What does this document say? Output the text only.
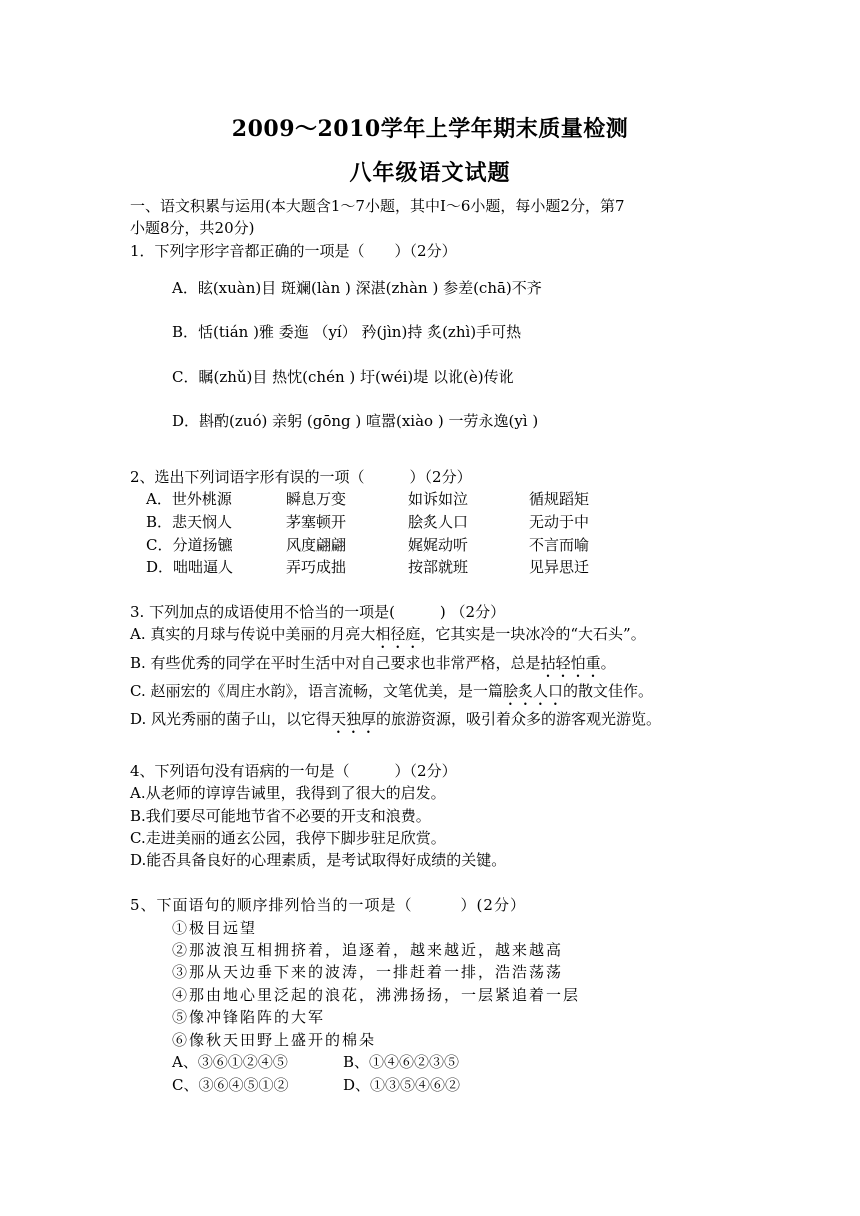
2009～2010学年上学年期末质量检测
八年级语文试题
一、语文积累与运用(本大题含1～7小题，其中I～6小题，每小题2分，第7
小题8分，共20分)
1．下列字形字音都正确的一项是（　　）（2分）
A．眩(xuàn)目 斑斓(làn ) 深湛(zhàn ) 参差(chā)不齐
B．恬(tián )雅 委迤 （yí） 矜(jìn)持 炙(zhì)手可热
C．瞩(zhǔ)目 热忱(chén ) 圩(wéi)堤 以讹(è)传讹
D．斟酌(zuó) 亲躬 (gōng ) 喧嚣(xiào ) 一劳永逸(yì )
2、选出下列词语字形有误的一项（　　　）（2分）
A．世外桃源	瞬息万变	如诉如泣	循规蹈矩
B．悲天悯人	茅塞顿开	脍炙人口	无动于中
C．分道扬镳	风度翩翩	娓娓动听	不言而喻
D．咄咄逼人	弄巧成拙	按部就班	见异思迁
3. 下列加点的成语使用不恰当的一项是(　　　) （2分）
A. 真实的月球与传说中美丽的月亮大相径庭，它其实是一块冰冷的“大石头”。
B. 有些优秀的同学在平时生活中对自己要求也非常严格，总是拈轻怕重。
C. 赵丽宏的《周庄水韵》，语言流畅，文笔优美，是一篇脍炙人口的散文佳作。
D. 风光秀丽的菌子山，以它得天独厚的旅游资源，吸引着众多的游客观光游览。
4、下列语句没有语病的一句是（　　　）（2分）
A.从老师的谆谆告诫里，我得到了很大的启发。
B.我们要尽可能地节省不必要的开支和浪费。
C.走进美丽的通玄公园，我停下脚步驻足欣赏。
D.能否具备良好的心理素质，是考试取得好成绩的关键。
5、下面语句的顺序排列恰当的一项是（　　　）(2分）
①极目远望
②那波浪互相拥挤着，追逐着，越来越近，越来越高
③那从天边垂下来的波涛，一排赶着一排，浩浩荡荡
④那由地心里泛起的浪花，沸沸扬扬，一层紧追着一层
⑤像冲锋陷阵的大军
⑥像秋天田野上盛开的棉朵
A、③⑥①②④⑤	B、①④⑥②③⑤
C、③⑥④⑤①②	D、①③⑤④⑥②
